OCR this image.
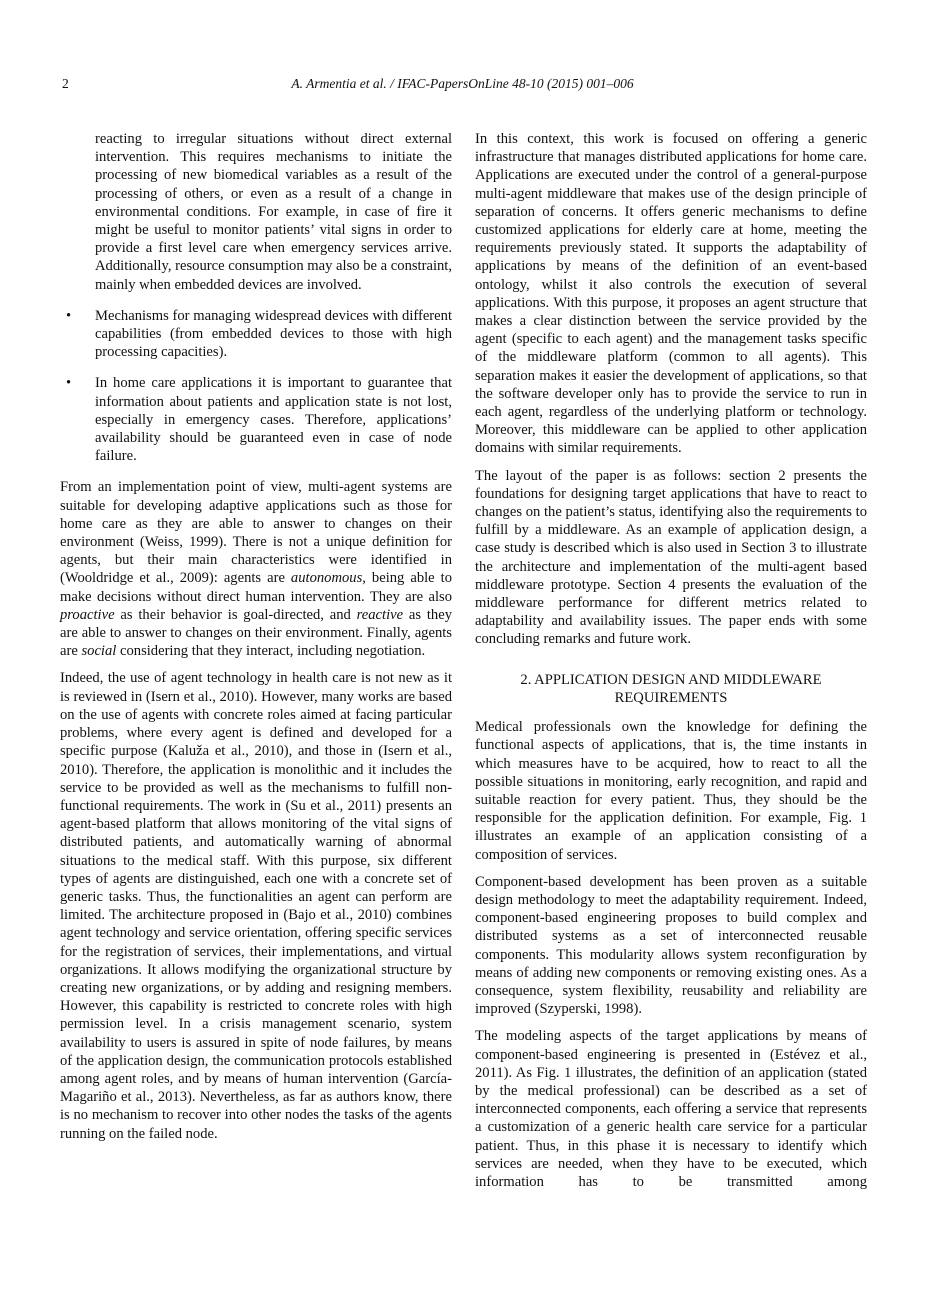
2	A. Armentia et al. / IFAC-PapersOnLine 48-10 (2015) 001–006

reacting to irregular situations without direct external intervention. This requires mechanisms to initiate the processing of new biomedical variables as a result of the processing of others, or even as a result of a change in environmental conditions. For example, in case of fire it might be useful to monitor patients’ vital signs in order to provide a first level care when emergency services arrive. Additionally, resource consumption may also be a constraint, mainly when embedded devices are involved.

• Mechanisms for managing widespread devices with different capabilities (from embedded devices to those with high processing capacities).
• In home care applications it is important to guarantee that information about patients and application state is not lost, especially in emergency cases. Therefore, applications’ availability should be guaranteed even in case of node failure.

From an implementation point of view, multi-agent systems are suitable for developing adaptive applications such as those for home care as they are able to answer to changes on their environment (Weiss, 1999). There is not a unique definition for agents, but their main characteristics were identified in (Wooldridge et al., 2009): agents are autonomous, being able to make decisions without direct human intervention. They are also proactive as their behavior is goal-directed, and reactive as they are able to answer to changes on their environment. Finally, agents are social considering that they interact, including negotiation.

Indeed, the use of agent technology in health care is not new as it is reviewed in (Isern et al., 2010). However, many works are based on the use of agents with concrete roles aimed at facing particular problems, where every agent is defined and developed for a specific purpose (Kaluža et al., 2010), and those in (Isern et al., 2010). Therefore, the application is monolithic and it includes the service to be provided as well as the mechanisms to fulfill non-functional requirements. The work in (Su et al., 2011) presents an agent-based platform that allows monitoring of the vital signs of distributed patients, and automatically warning of abnormal situations to the medical staff. With this purpose, six different types of agents are distinguished, each one with a concrete set of generic tasks. Thus, the functionalities an agent can perform are limited. The architecture proposed in (Bajo et al., 2010) combines agent technology and service orientation, offering specific services for the registration of services, their implementations, and virtual organizations. It allows modifying the organizational structure by creating new organizations, or by adding and resigning members. However, this capability is restricted to concrete roles with high permission level. In a crisis management scenario, system availability to users is assured in spite of node failures, by means of the application design, the communication protocols established among agent roles, and by means of human intervention (García-Magariño et al., 2013). Nevertheless, as far as authors know, there is no mechanism to recover into other nodes the tasks of the agents running on the failed node.

In this context, this work is focused on offering a generic infrastructure that manages distributed applications for home care. Applications are executed under the control of a general-purpose multi-agent middleware that makes use of the design principle of separation of concerns. It offers generic mechanisms to define customized applications for elderly care at home, meeting the requirements previously stated. It supports the adaptability of applications by means of the definition of an event-based ontology, whilst it also controls the execution of several applications. With this purpose, it proposes an agent structure that makes a clear distinction between the service provided by the agent (specific to each agent) and the management tasks specific of the middleware platform (common to all agents). This separation makes it easier the development of applications, so that the software developer only has to provide the service to run in each agent, regardless of the underlying platform or technology. Moreover, this middleware can be applied to other application domains with similar requirements.

The layout of the paper is as follows: section 2 presents the foundations for designing target applications that have to react to changes on the patient’s status, identifying also the requirements to fulfill by a middleware. As an example of application design, a case study is described which is also used in Section 3 to illustrate the architecture and implementation of the multi-agent based middleware prototype. Section 4 presents the evaluation of the middleware performance for different metrics related to adaptability and availability issues. The paper ends with some concluding remarks and future work.

2. APPLICATION DESIGN AND MIDDLEWARE REQUIREMENTS

Medical professionals own the knowledge for defining the functional aspects of applications, that is, the time instants in which measures have to be acquired, how to react to all the possible situations in monitoring, early recognition, and rapid and suitable reaction for every patient. Thus, they should be the responsible for the application definition. For example, Fig. 1 illustrates an example of an application consisting of a composition of services.

Component-based development has been proven as a suitable design methodology to meet the adaptability requirement. Indeed, component-based engineering proposes to build complex and distributed systems as a set of interconnected reusable components. This modularity allows system reconfiguration by means of adding new components or removing existing ones. As a consequence, system flexibility, reusability and reliability are improved (Szyperski, 1998).

The modeling aspects of the target applications by means of component-based engineering is presented in (Estévez et al., 2011). As Fig. 1 illustrates, the definition of an application (stated by the medical professional) can be described as a set of interconnected components, each offering a service that represents a customization of a generic health care service for a particular patient. Thus, in this phase it is necessary to identify which services are needed, when they have to be executed, which information has to be transmitted among
